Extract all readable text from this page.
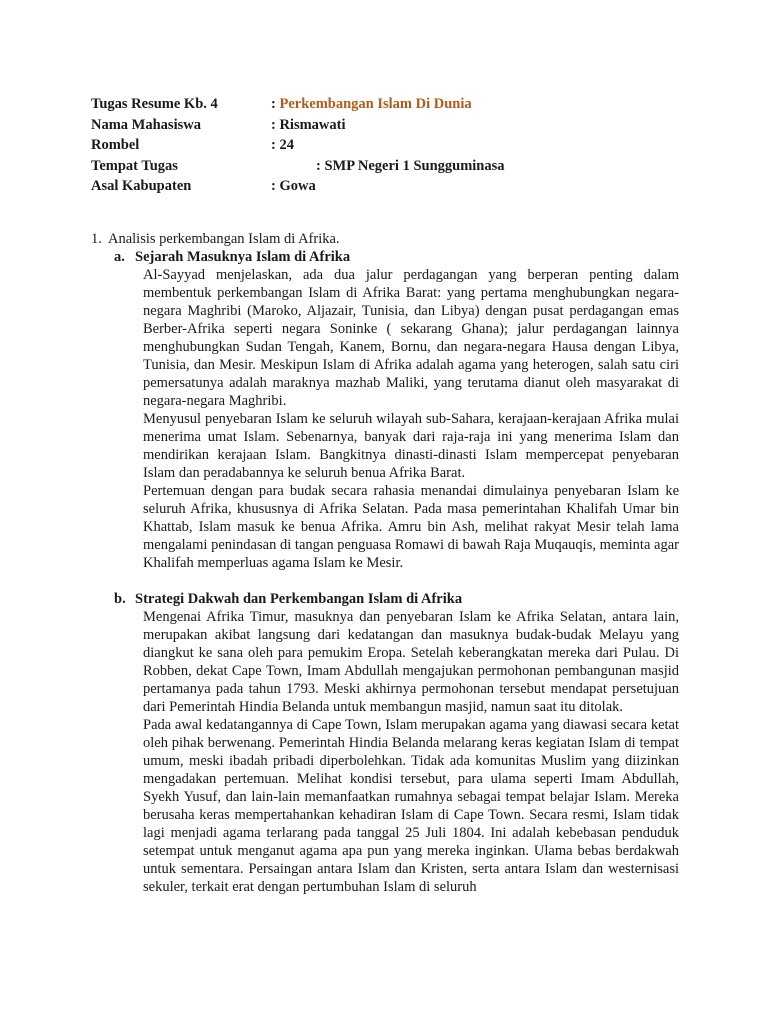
Tugas Resume Kb. 4	: Perkembangan Islam Di Dunia
Nama Mahasiswa	: Rismawati
Rombel	: 24
Tempat Tugas	: SMP Negeri 1 Sungguminasa
Asal Kabupaten	: Gowa
1. Analisis perkembangan Islam di Afrika.
a. Sejarah Masuknya Islam di Afrika
Al-Sayyad menjelaskan, ada dua jalur perdagangan yang berperan penting dalam membentuk perkembangan Islam di Afrika Barat: yang pertama menghubungkan negara-negara Maghribi (Maroko, Aljazair, Tunisia, dan Libya) dengan pusat perdagangan emas Berber-Afrika seperti negara Soninke ( sekarang Ghana); jalur perdagangan lainnya menghubungkan Sudan Tengah, Kanem, Bornu, dan negara-negara Hausa dengan Libya, Tunisia, dan Mesir. Meskipun Islam di Afrika adalah agama yang heterogen, salah satu ciri pemersatunya adalah maraknya mazhab Maliki, yang terutama dianut oleh masyarakat di negara-negara Maghribi.
Menyusul penyebaran Islam ke seluruh wilayah sub-Sahara, kerajaan-kerajaan Afrika mulai menerima umat Islam. Sebenarnya, banyak dari raja-raja ini yang menerima Islam dan mendirikan kerajaan Islam. Bangkitnya dinasti-dinasti Islam mempercepat penyebaran Islam dan peradabannya ke seluruh benua Afrika Barat.
Pertemuan dengan para budak secara rahasia menandai dimulainya penyebaran Islam ke seluruh Afrika, khususnya di Afrika Selatan. Pada masa pemerintahan Khalifah Umar bin Khattab, Islam masuk ke benua Afrika. Amru bin Ash, melihat rakyat Mesir telah lama mengalami penindasan di tangan penguasa Romawi di bawah Raja Muqauqis, meminta agar Khalifah memperluas agama Islam ke Mesir.
b. Strategi Dakwah dan Perkembangan Islam di Afrika
Mengenai Afrika Timur, masuknya dan penyebaran Islam ke Afrika Selatan, antara lain, merupakan akibat langsung dari kedatangan dan masuknya budak-budak Melayu yang diangkut ke sana oleh para pemukim Eropa. Setelah keberangkatan mereka dari Pulau. Di Robben, dekat Cape Town, Imam Abdullah mengajukan permohonan pembangunan masjid pertamanya pada tahun 1793. Meski akhirnya permohonan tersebut mendapat persetujuan dari Pemerintah Hindia Belanda untuk membangun masjid, namun saat itu ditolak.
Pada awal kedatangannya di Cape Town, Islam merupakan agama yang diawasi secara ketat oleh pihak berwenang. Pemerintah Hindia Belanda melarang keras kegiatan Islam di tempat umum, meski ibadah pribadi diperbolehkan. Tidak ada komunitas Muslim yang diizinkan mengadakan pertemuan. Melihat kondisi tersebut, para ulama seperti Imam Abdullah, Syekh Yusuf, dan lain-lain memanfaatkan rumahnya sebagai tempat belajar Islam. Mereka berusaha keras mempertahankan kehadiran Islam di Cape Town. Secara resmi, Islam tidak lagi menjadi agama terlarang pada tanggal 25 Juli 1804. Ini adalah kebebasan penduduk setempat untuk menganut agama apa pun yang mereka inginkan. Ulama bebas berdakwah untuk sementara. Persaingan antara Islam dan Kristen, serta antara Islam dan westernisasi sekuler, terkait erat dengan pertumbuhan Islam di seluruh
